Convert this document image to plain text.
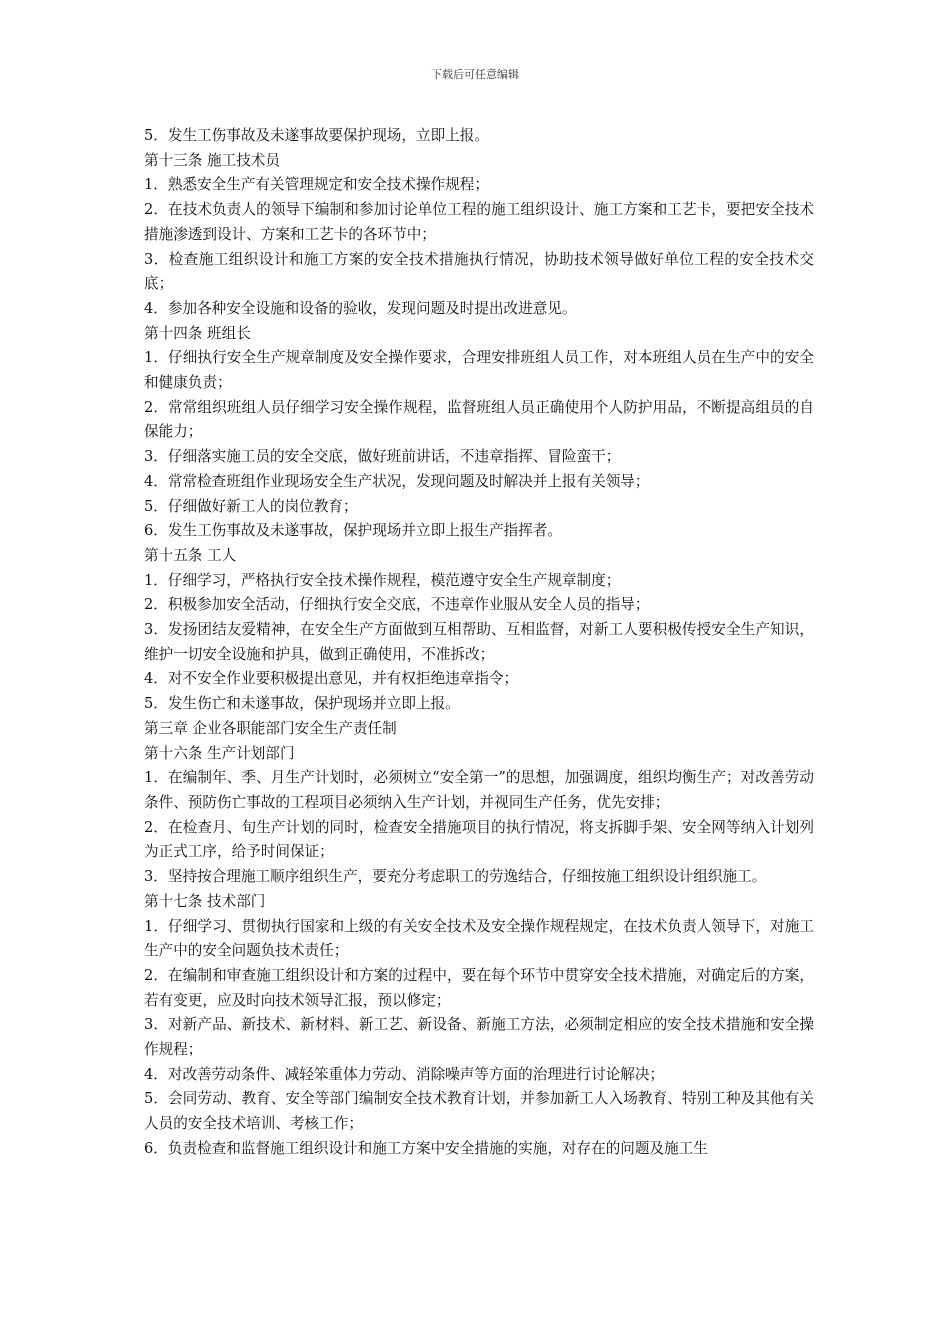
下载后可任意编辑

5．发生工伤事故及未遂事故要保护现场，立即上报。

第十三条 施工技术员

1．熟悉安全生产有关管理规定和安全技术操作规程；

2．在技术负责人的领导下编制和参加讨论单位工程的施工组织设计、施工方案和工艺卡，要把安全技术措施渗透到设计、方案和工艺卡的各环节中；

3．检查施工组织设计和施工方案的安全技术措施执行情况，协助技术领导做好单位工程的安全技术交底；

4．参加各种安全设施和设备的验收，发现问题及时提出改进意见。

第十四条 班组长

1．仔细执行安全生产规章制度及安全操作要求，合理安排班组人员工作，对本班组人员在生产中的安全和健康负责；

2．常常组织班组人员仔细学习安全操作规程，监督班组人员正确使用个人防护用品，不断提高组员的自保能力；

3．仔细落实施工员的安全交底，做好班前讲话，不违章指挥、冒险蛮干；

4．常常检查班组作业现场安全生产状况，发现问题及时解决并上报有关领导；

5．仔细做好新工人的岗位教育；

6．发生工伤事故及未遂事故，保护现场并立即上报生产指挥者。

第十五条 工人

1．仔细学习，严格执行安全技术操作规程，模范遵守安全生产规章制度；

2．积极参加安全活动，仔细执行安全交底，不违章作业服从安全人员的指导；

3．发扬团结友爱精神，在安全生产方面做到互相帮助、互相监督，对新工人要积极传授安全生产知识，维护一切安全设施和护具，做到正确使用，不准拆改；

4．对不安全作业要积极提出意见，并有权拒绝违章指令；

5．发生伤亡和未遂事故，保护现场并立即上报。

第三章 企业各职能部门安全生产责任制

第十六条 生产计划部门

1．在编制年、季、月生产计划时，必须树立“安全第一”的思想，加强调度，组织均衡生产；对改善劳动条件、预防伤亡事故的工程项目必须纳入生产计划，并视同生产任务，优先安排；

2．在检查月、旬生产计划的同时，检查安全措施项目的执行情况，将支拆脚手架、安全网等纳入计划列为正式工序，给予时间保证；

3．坚持按合理施工顺序组织生产，要充分考虑职工的劳逸结合，仔细按施工组织设计组织施工。

第十七条 技术部门

1．仔细学习、贯彻执行国家和上级的有关安全技术及安全操作规程规定，在技术负责人领导下，对施工生产中的安全问题负技术责任；

2．在编制和审查施工组织设计和方案的过程中，要在每个环节中贯穿安全技术措施，对确定后的方案，若有变更，应及时向技术领导汇报，预以修定；

3．对新产品、新技术、新材料、新工艺、新设备、新施工方法，必须制定相应的安全技术措施和安全操作规程；

4．对改善劳动条件、减轻笨重体力劳动、消除噪声等方面的治理进行讨论解决；

5．会同劳动、教育、安全等部门编制安全技术教育计划，并参加新工人入场教育、特别工种及其他有关人员的安全技术培训、考核工作；

6．负责检查和监督施工组织设计和施工方案中安全措施的实施，对存在的问题及施工生
